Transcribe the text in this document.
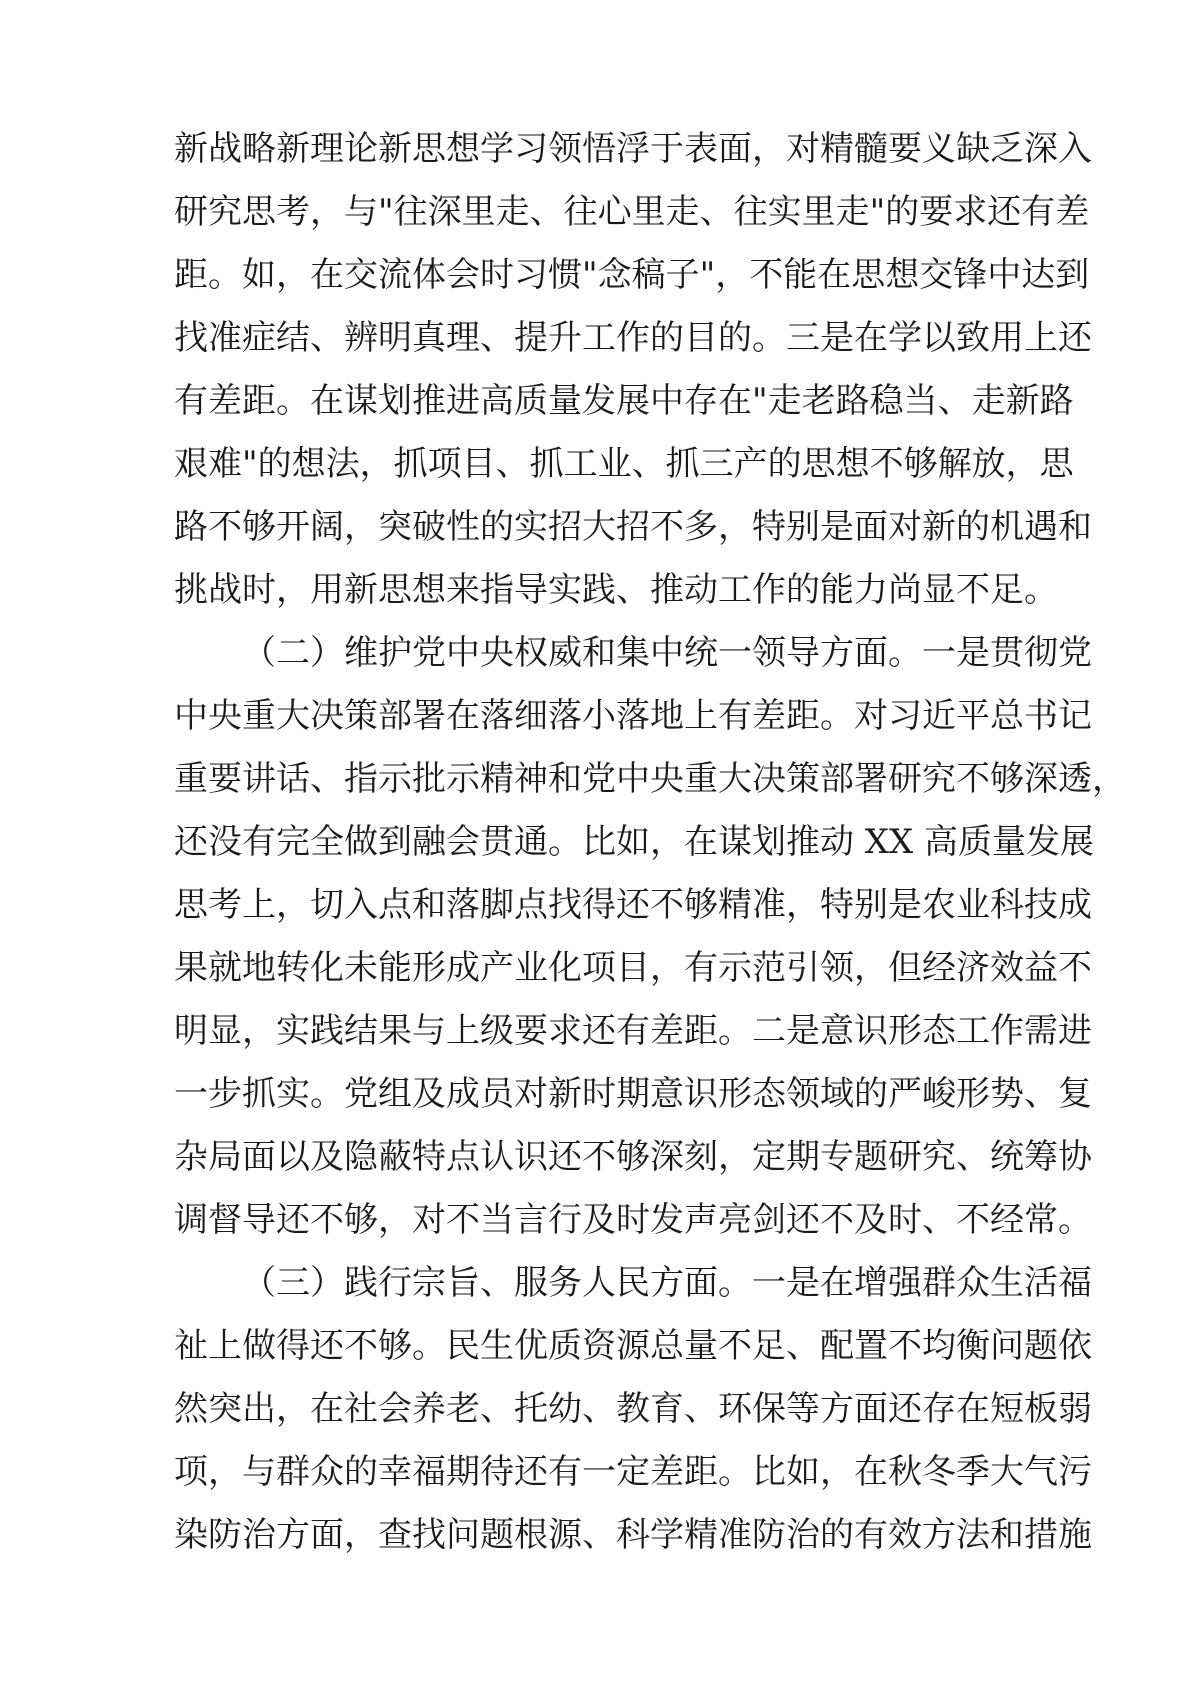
新战略新理论新思想学习领悟浮于表面，对精髓要义缺乏深入
研究思考，与"往深里走、往心里走、往实里走"的要求还有差
距。如，在交流体会时习惯"念稿子"，不能在思想交锋中达到
找准症结、辨明真理、提升工作的目的。三是在学以致用上还
有差距。在谋划推进高质量发展中存在"走老路稳当、走新路
艰难"的想法，抓项目、抓工业、抓三产的思想不够解放，思
路不够开阔，突破性的实招大招不多，特别是面对新的机遇和
挑战时，用新思想来指导实践、推动工作的能力尚显不足。
（二）维护党中央权威和集中统一领导方面。一是贯彻党
中央重大决策部署在落细落小落地上有差距。对习近平总书记
重要讲话、指示批示精神和党中央重大决策部署研究不够深透，
还没有完全做到融会贯通。比如，在谋划推动 XX 高质量发展
思考上，切入点和落脚点找得还不够精准，特别是农业科技成
果就地转化未能形成产业化项目，有示范引领，但经济效益不
明显，实践结果与上级要求还有差距。二是意识形态工作需进
一步抓实。党组及成员对新时期意识形态领域的严峻形势、复
杂局面以及隐蔽特点认识还不够深刻，定期专题研究、统筹协
调督导还不够，对不当言行及时发声亮剑还不及时、不经常。
（三）践行宗旨、服务人民方面。一是在增强群众生活福
祉上做得还不够。民生优质资源总量不足、配置不均衡问题依
然突出，在社会养老、托幼、教育、环保等方面还存在短板弱
项，与群众的幸福期待还有一定差距。比如，在秋冬季大气污
染防治方面，查找问题根源、科学精准防治的有效方法和措施
